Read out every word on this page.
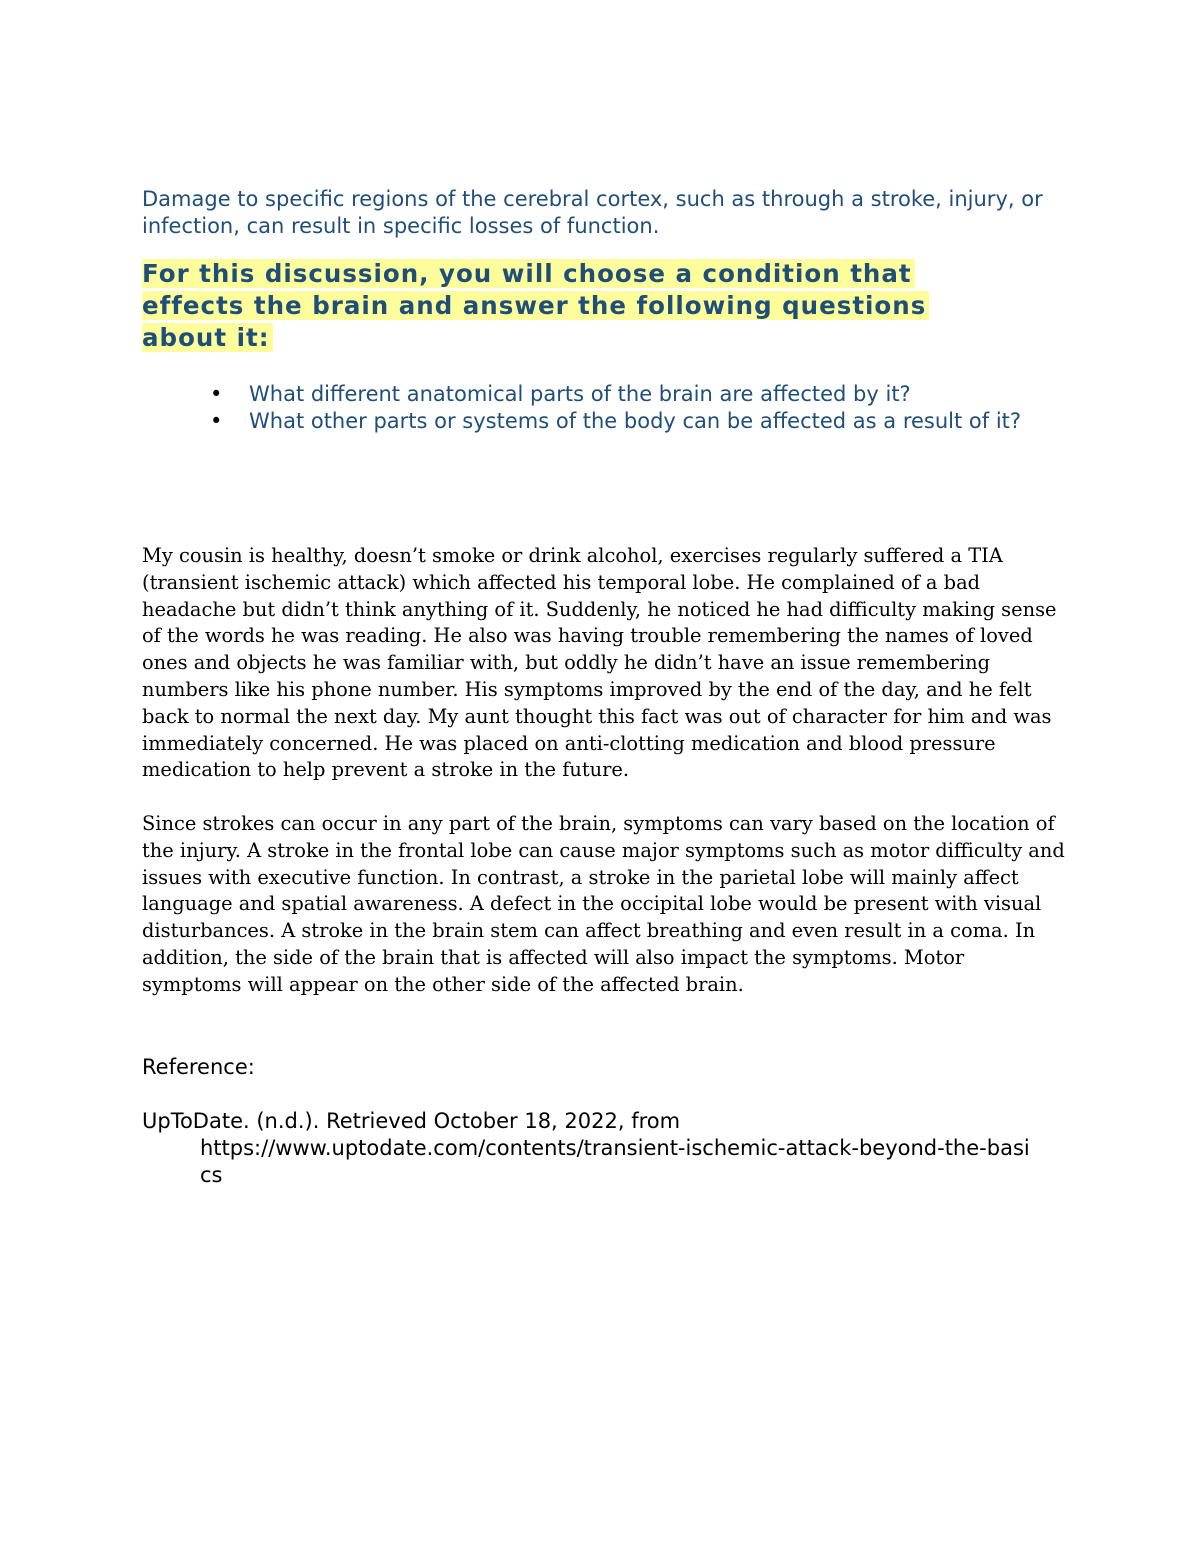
Damage to specific regions of the cerebral cortex, such as through a stroke, injury, or infection, can result in specific losses of function.

For this discussion, you will choose a condition that effects the brain and answer the following questions about it:

• What different anatomical parts of the brain are affected by it?
• What other parts or systems of the body can be affected as a result of it?

My cousin is healthy, doesn’t smoke or drink alcohol, exercises regularly suffered a TIA (transient ischemic attack) which affected his temporal lobe. He complained of a bad headache but didn’t think anything of it. Suddenly, he noticed he had difficulty making sense of the words he was reading. He also was having trouble remembering the names of loved ones and objects he was familiar with, but oddly he didn’t have an issue remembering numbers like his phone number. His symptoms improved by the end of the day, and he felt back to normal the next day. My aunt thought this fact was out of character for him and was immediately concerned. He was placed on anti-clotting medication and blood pressure medication to help prevent a stroke in the future.

Since strokes can occur in any part of the brain, symptoms can vary based on the location of the injury. A stroke in the frontal lobe can cause major symptoms such as motor difficulty and issues with executive function. In contrast, a stroke in the parietal lobe will mainly affect language and spatial awareness. A defect in the occipital lobe would be present with visual disturbances. A stroke in the brain stem can affect breathing and even result in a coma. In addition, the side of the brain that is affected will also impact the symptoms. Motor symptoms will appear on the other side of the affected brain.

Reference:

UpToDate. (n.d.). Retrieved October 18, 2022, from
https://www.uptodate.com/contents/transient-ischemic-attack-beyond-the-basics
